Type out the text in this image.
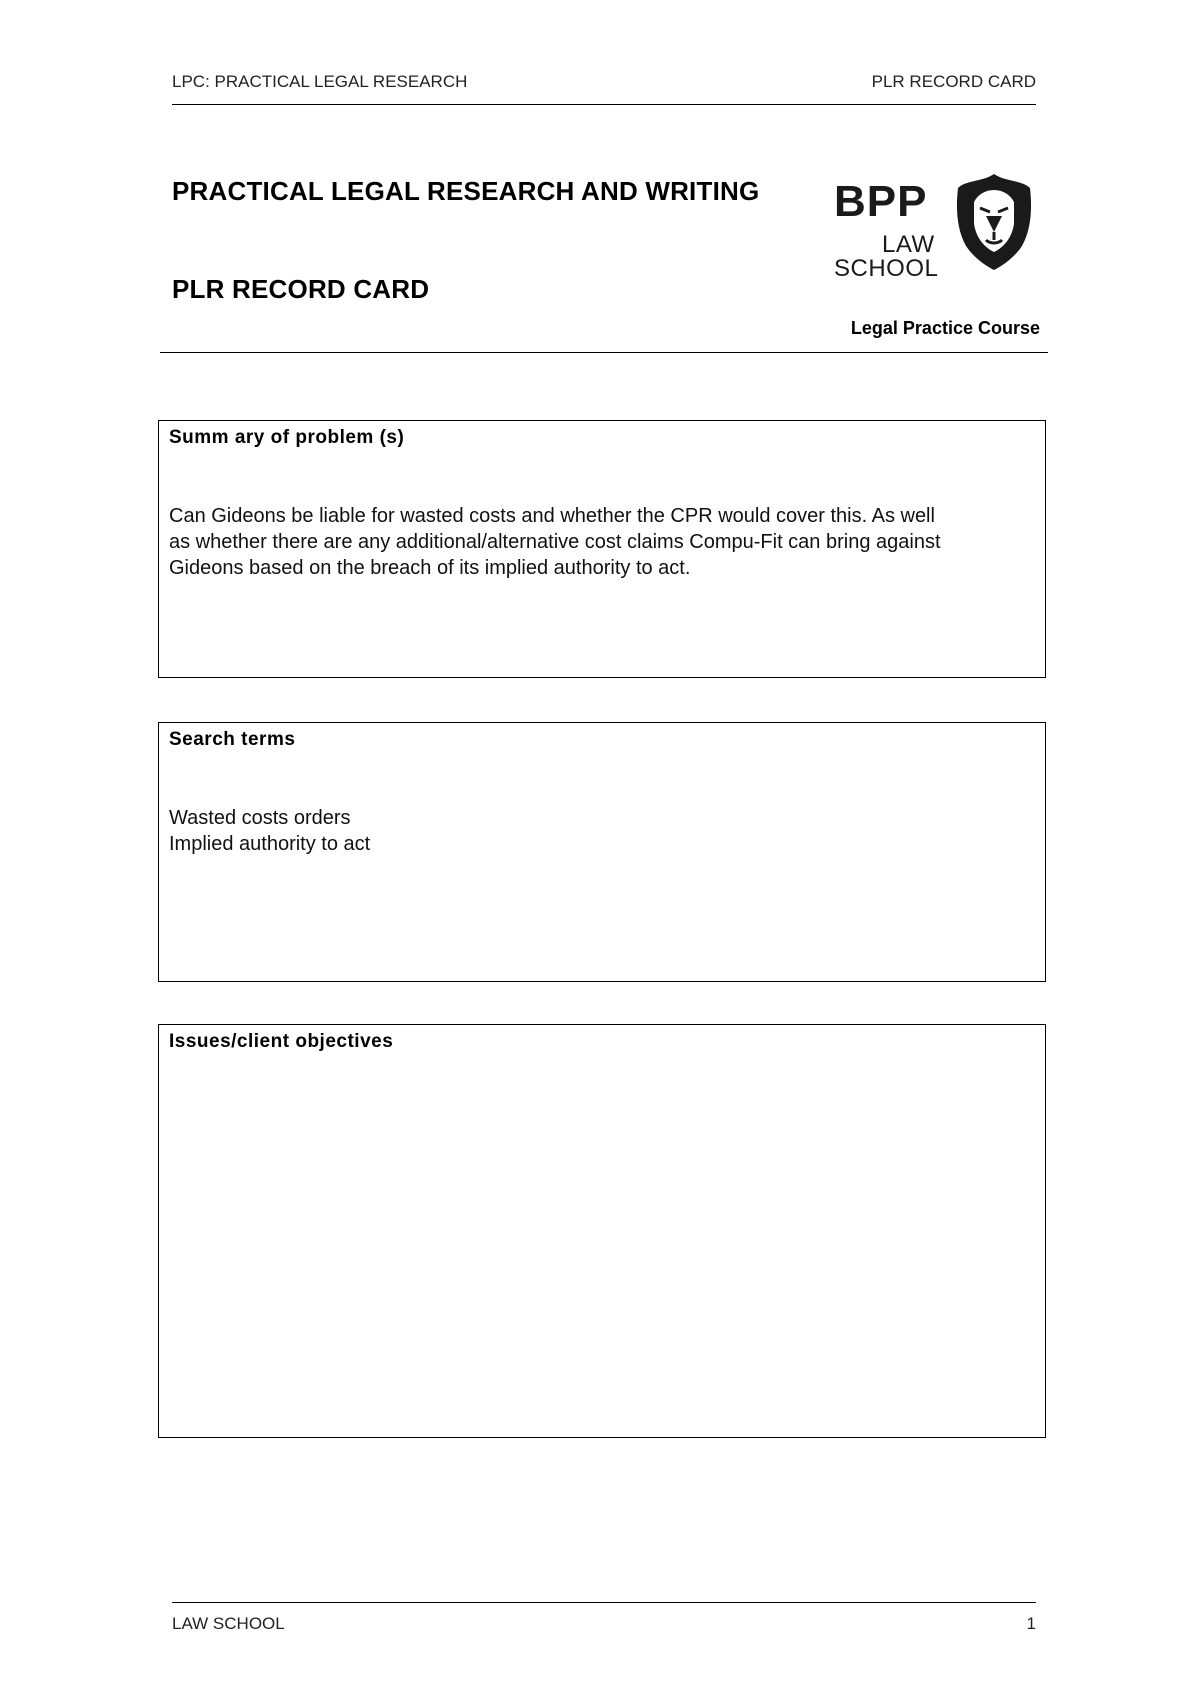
LPC: PRACTICAL LEGAL RESEARCH	PLR RECORD CARD
PRACTICAL LEGAL RESEARCH AND WRITING
PLR RECORD CARD
BPP
LAW
SCHOOL
Legal Practice Course
Summ ary of problem (s)
Can Gideons be liable for wasted costs and whether the CPR would cover this. As well
as whether there are any additional/alternative cost claims Compu-Fit can bring against
Gideons based on the breach of its implied authority to act.
Search terms
Wasted costs orders
Implied authority to act
Issues/client objectives
LAW SCHOOL	1
